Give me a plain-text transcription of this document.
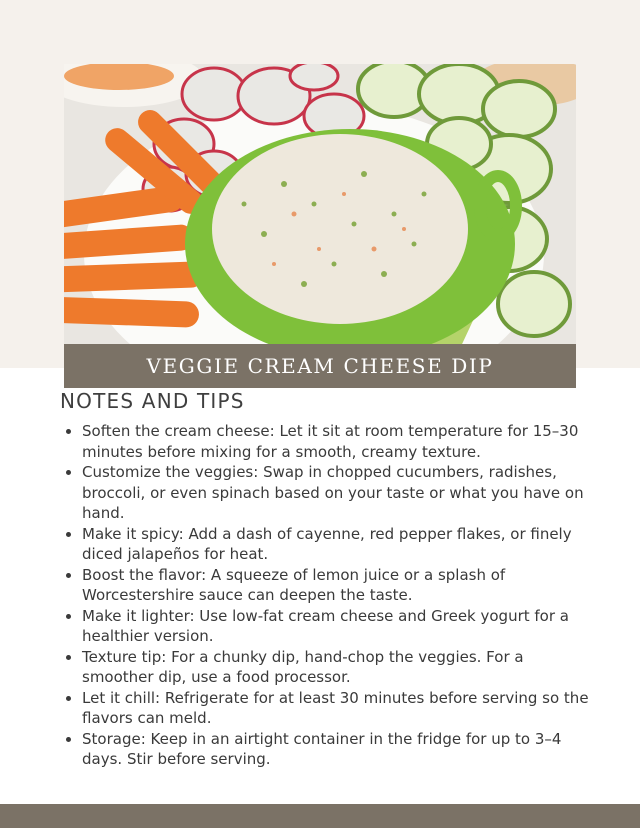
VEGGIE CREAM CHEESE DIP
NOTES AND TIPS
Soften the cream cheese: Let it sit at room temperature for 15–30 minutes before mixing for a smooth, creamy texture.
Customize the veggies: Swap in chopped cucumbers, radishes, broccoli, or even spinach based on your taste or what you have on hand.
Make it spicy: Add a dash of cayenne, red pepper flakes, or finely diced jalapeños for heat.
Boost the flavor: A squeeze of lemon juice or a splash of Worcestershire sauce can deepen the taste.
Make it lighter: Use low-fat cream cheese and Greek yogurt for a healthier version.
Texture tip: For a chunky dip, hand-chop the veggies. For a smoother dip, use a food processor.
Let it chill: Refrigerate for at least 30 minutes before serving so the flavors can meld.
Storage: Keep in an airtight container in the fridge for up to 3–4 days. Stir before serving.
